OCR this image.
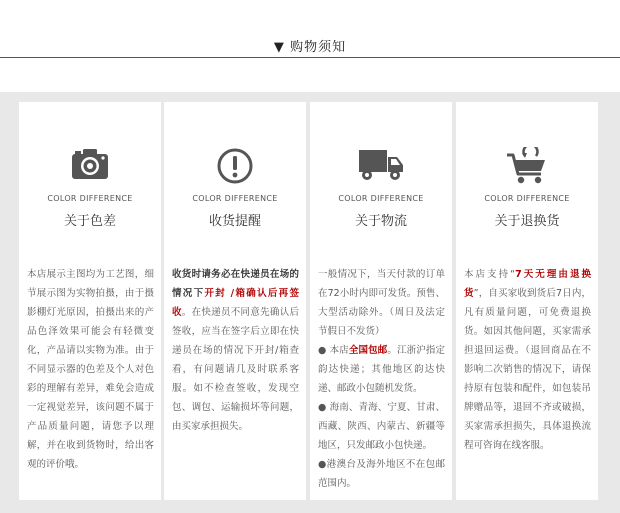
▼ 购物须知
COLOR DIFFERENCE
关于色差
本店展示主图均为工艺图，细节展示图为实物拍摄，由于摄影棚灯光原因，拍摄出来的产品色泽效果可能会有轻微变化，产品请以实物为准。由于不同显示器的色差及个人对色彩的理解有差异，难免会造成一定视觉差异，该问题不属于产品质量问题，请您予以理解，并在收到货物时，给出客观的评价哦。
COLOR DIFFERENCE
收货提醒
收货时请务必在快递员在场的情况下开封 /箱确认后再签收。在快递员不同意先确认后签收，应当在签字后立即在快递员在场的情况下开封/箱查看，有问题请几及时联系客服。如不检查签收，发现空包、调包、运输损坏等问题，由买家承担损失。
COLOR DIFFERENCE
关于物流
一般情况下，当天付款的订单在72小时内即可发货。预售、大型活动除外。（周日及法定节假日不发货）
● 本店全国包邮。江浙沪指定韵达快递；其他地区韵达快递、邮政小包随机发货。
● 海南、青海、宁夏、甘肃、西藏、陕西、内蒙古、新疆等地区，只发邮政小包快递。
●港澳台及海外地区不在包邮范围内。
COLOR DIFFERENCE
关于退换货
本店支持“7天无理由退换货”，自买家收到货后7日内，凡有质量问题，可免费退换货。如因其他问题，买家需承担退回运费。（退回商品在不影响二次销售的情况下，请保持原有包装和配件，如包装吊牌赠品等，退回不齐或破损，买家需承担损失，具体退换流程可咨询在线客服。
